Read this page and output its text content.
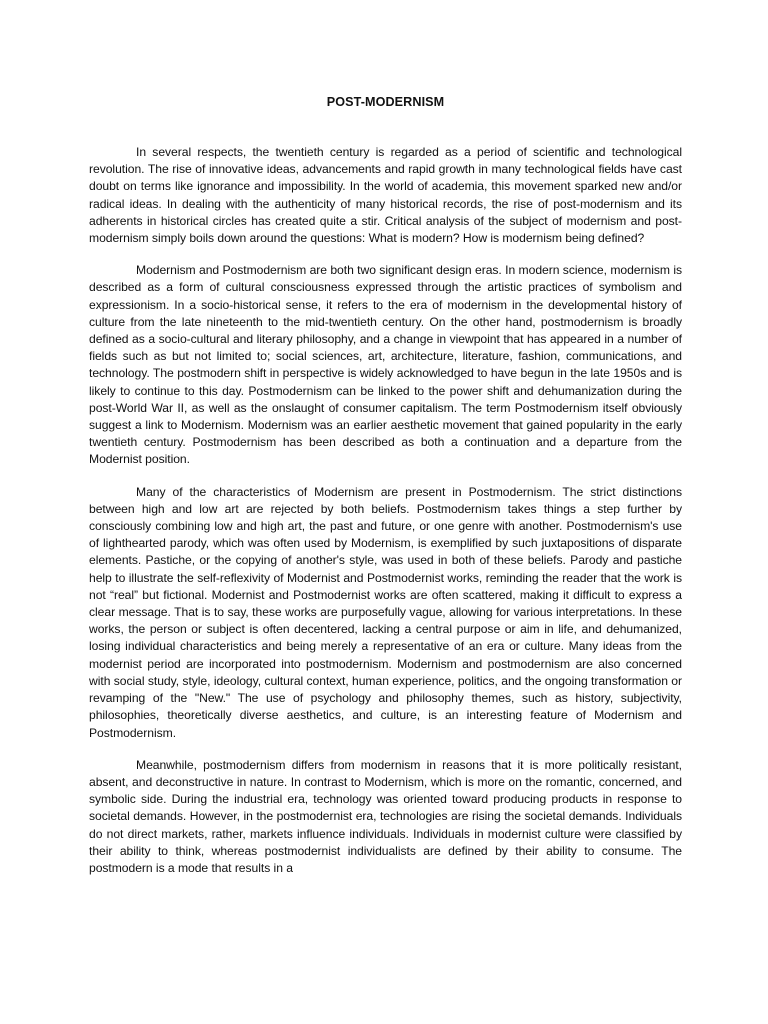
POST-MODERNISM

In several respects, the twentieth century is regarded as a period of scientific and technological revolution. The rise of innovative ideas, advancements and rapid growth in many technological fields have cast doubt on terms like ignorance and impossibility. In the world of academia, this movement sparked new and/or radical ideas. In dealing with the authenticity of many historical records, the rise of post-modernism and its adherents in historical circles has created quite a stir. Critical analysis of the subject of modernism and post-modernism simply boils down around the questions: What is modern? How is modernism being defined?

Modernism and Postmodernism are both two significant design eras. In modern science, modernism is described as a form of cultural consciousness expressed through the artistic practices of symbolism and expressionism. In a socio-historical sense, it refers to the era of modernism in the developmental history of culture from the late nineteenth to the mid-twentieth century. On the other hand, postmodernism is broadly defined as a socio-cultural and literary philosophy, and a change in viewpoint that has appeared in a number of fields such as but not limited to; social sciences, art, architecture, literature, fashion, communications, and technology. The postmodern shift in perspective is widely acknowledged to have begun in the late 1950s and is likely to continue to this day. Postmodernism can be linked to the power shift and dehumanization during the post-World War II, as well as the onslaught of consumer capitalism. The term Postmodernism itself obviously suggest a link to Modernism. Modernism was an earlier aesthetic movement that gained popularity in the early twentieth century. Postmodernism has been described as both a continuation and a departure from the Modernist position.

Many of the characteristics of Modernism are present in Postmodernism. The strict distinctions between high and low art are rejected by both beliefs. Postmodernism takes things a step further by consciously combining low and high art, the past and future, or one genre with another. Postmodernism's use of lighthearted parody, which was often used by Modernism, is exemplified by such juxtapositions of disparate elements. Pastiche, or the copying of another's style, was used in both of these beliefs. Parody and pastiche help to illustrate the self-reflexivity of Modernist and Postmodernist works, reminding the reader that the work is not “real” but fictional. Modernist and Postmodernist works are often scattered, making it difficult to express a clear message. That is to say, these works are purposefully vague, allowing for various interpretations. In these works, the person or subject is often decentered, lacking a central purpose or aim in life, and dehumanized, losing individual characteristics and being merely a representative of an era or culture. Many ideas from the modernist period are incorporated into postmodernism. Modernism and postmodernism are also concerned with social study, style, ideology, cultural context, human experience, politics, and the ongoing transformation or revamping of the "New." The use of psychology and philosophy themes, such as history, subjectivity, philosophies, theoretically diverse aesthetics, and culture, is an interesting feature of Modernism and Postmodernism.

Meanwhile, postmodernism differs from modernism in reasons that it is more politically resistant, absent, and deconstructive in nature. In contrast to Modernism, which is more on the romantic, concerned, and symbolic side. During the industrial era, technology was oriented toward producing products in response to societal demands. However, in the postmodernist era, technologies are rising the societal demands. Individuals do not direct markets, rather, markets influence individuals. Individuals in modernist culture were classified by their ability to think, whereas postmodernist individualists are defined by their ability to consume. The postmodern is a mode that results in a
